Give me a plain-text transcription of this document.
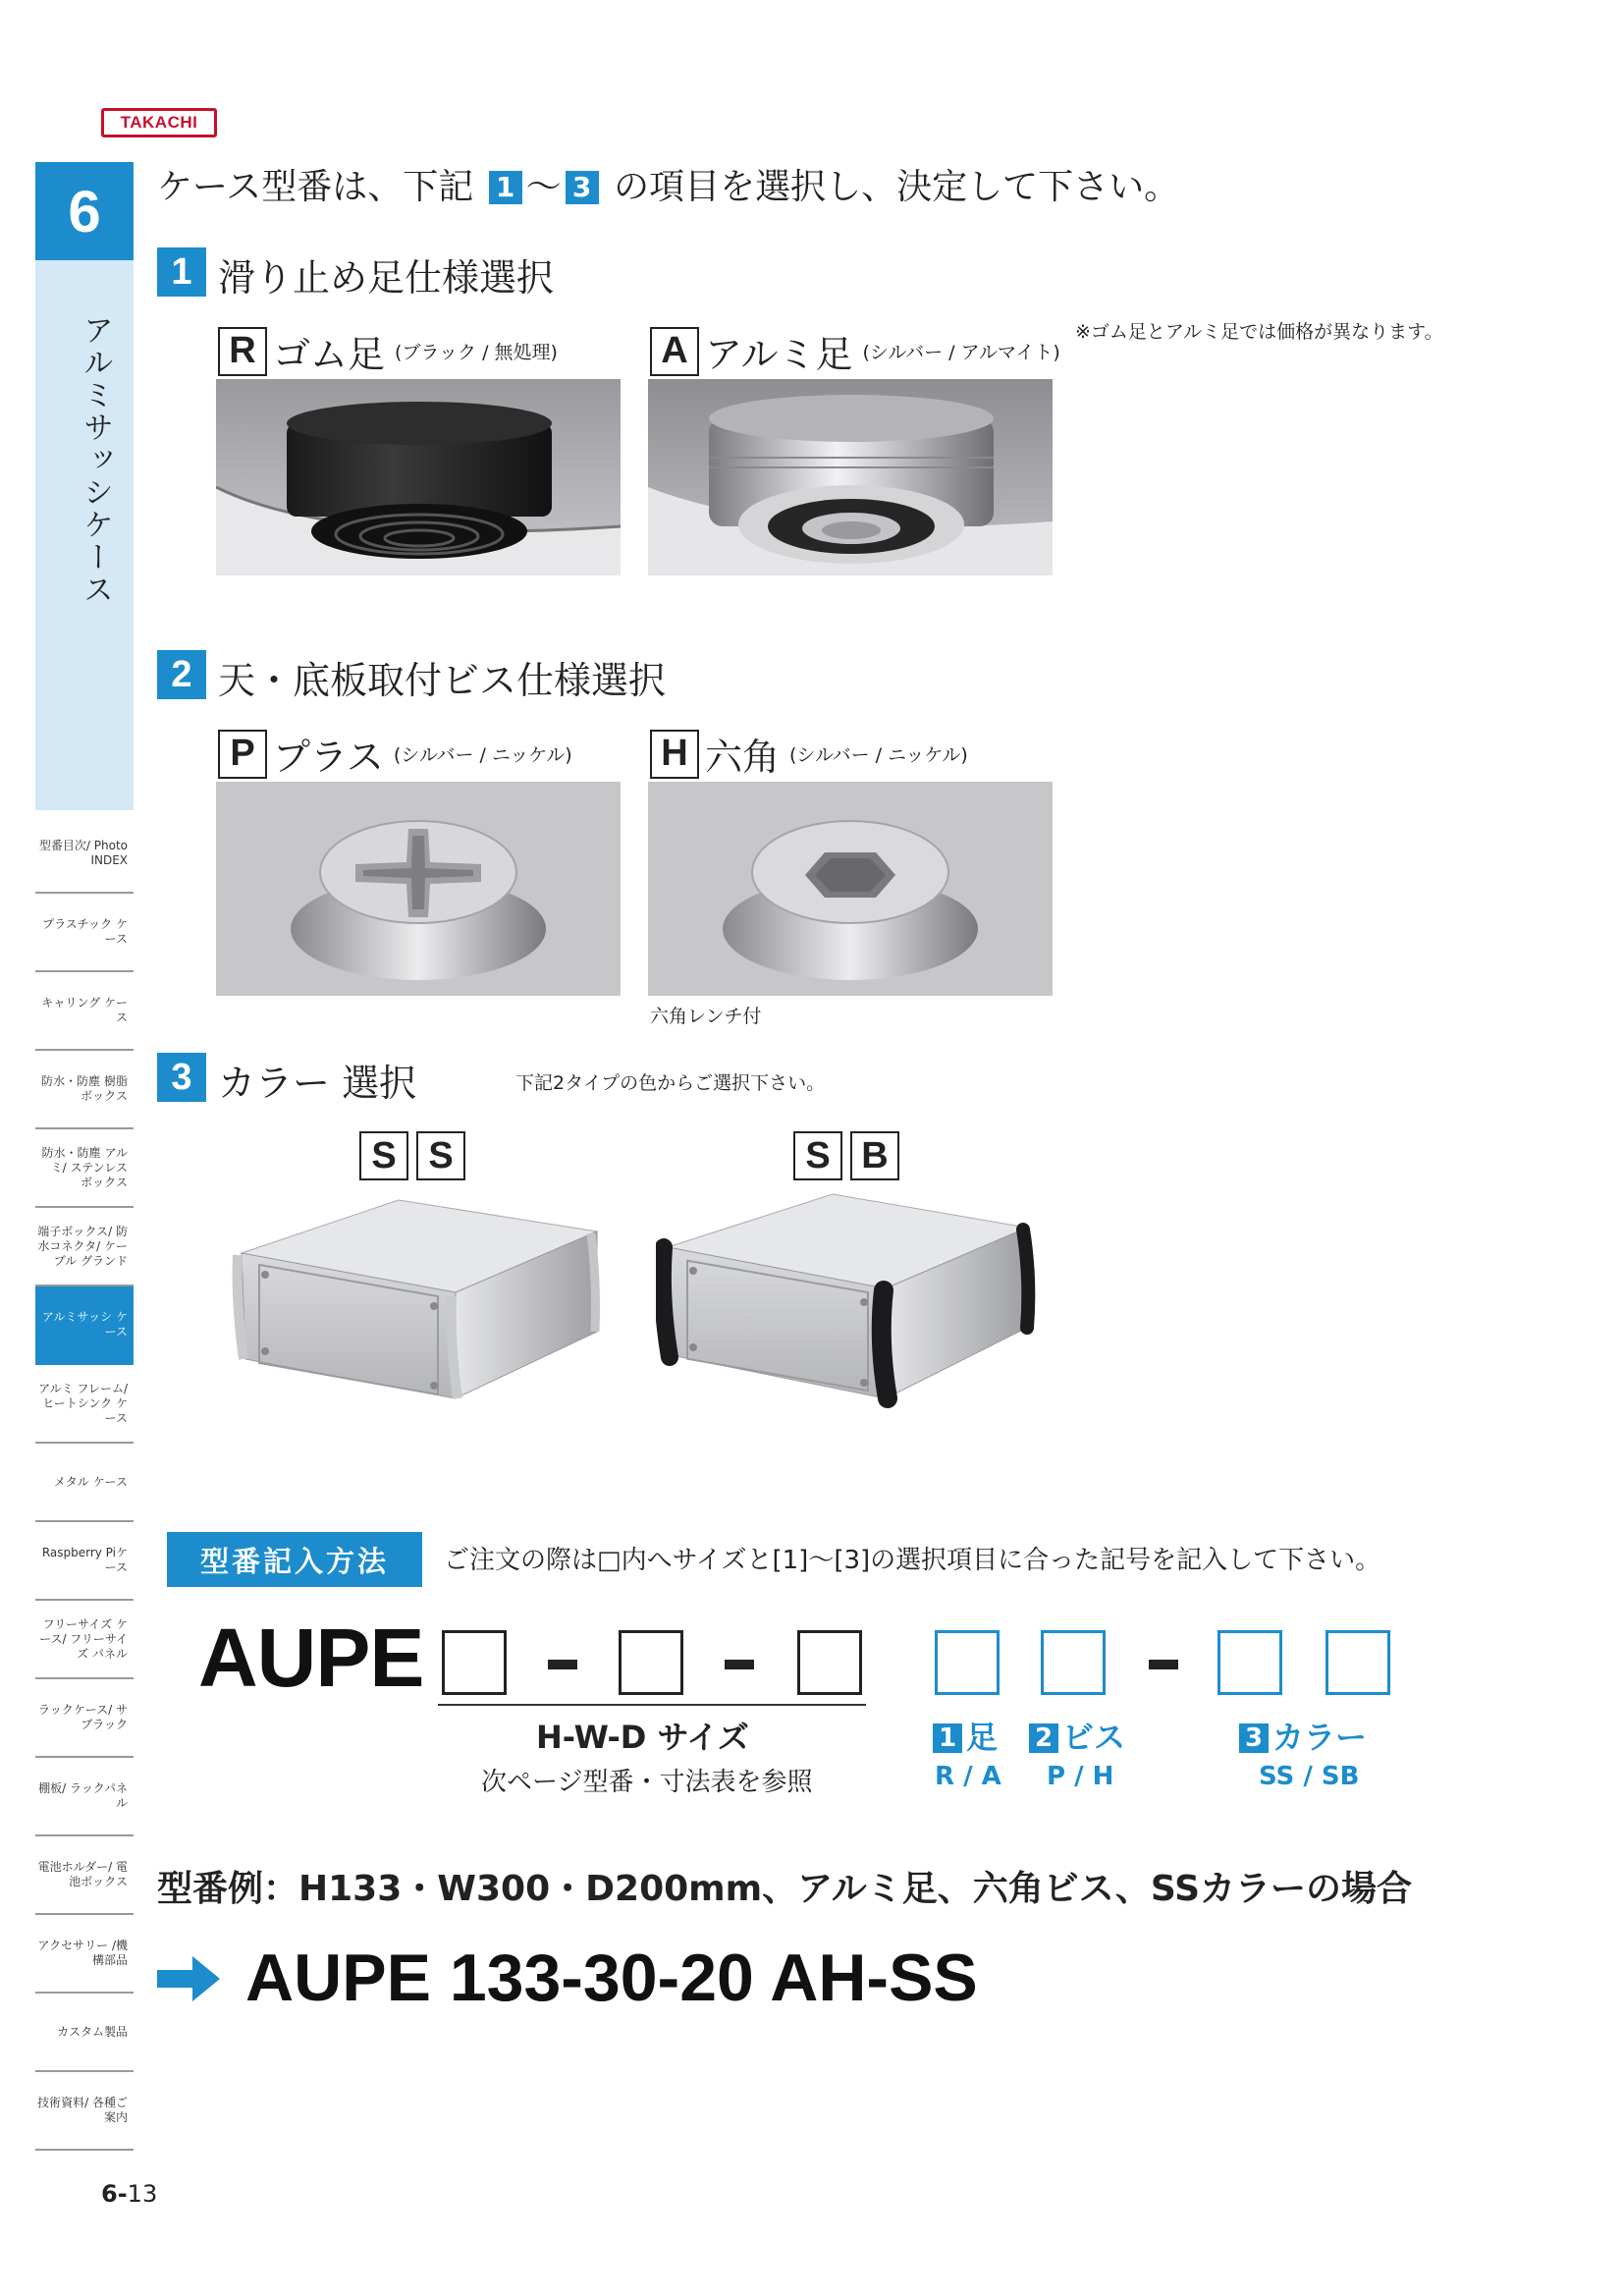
TAKACHI
6
アルミサッシケース
型番目次/ Photo INDEX
プラスチック ケース
キャリング ケース
防水・防塵 樹脂ボックス
防水・防塵 アルミ/ ステンレス ボックス
端子ボックス/ 防水コネクタ/ ケーブル グランド
アルミサッシ ケース
アルミ フレーム/ ヒートシンク ケース
メタル ケース
Raspberry Piケース
フリーサイズ ケース/ フリーサイズ パネル
ラックケース/ サブラック
棚板/ ラックパネル
電池ホルダー/ 電池ボックス
アクセサリー /機構部品
カスタム製品
技術資料/ 各種ご案内
ケース型番は、下記 1 〜 3 の項目を選択し、決定して下さい。
1 滑り止め足仕様選択
R ゴム足 (ブラック / 無処理)	A アルミ足 (シルバー / アルマイト)
※ゴム足とアルミ足では価格が異なります。
2 天・底板取付ビス仕様選択
P プラス (シルバー / ニッケル) H 六角 (シルバー / ニッケル)
六角レンチ付
3 カラー 選択	下記2タイプの色からご選択下さい。
S S	S B
型番記入方法	ご注文の際は□内へサイズと[1]〜[3]の選択項目に合った記号を記入して下さい。
AUPE
H-W-D サイズ
次ページ型番・寸法表を参照
1 足
R / A
2 ビス
P / H
3 カラー
SS / SB
型番例：H133・W300・D200mm、アルミ足、六角ビス、SSカラーの場合
AUPE 133-30-20 AH-SS
6-13
